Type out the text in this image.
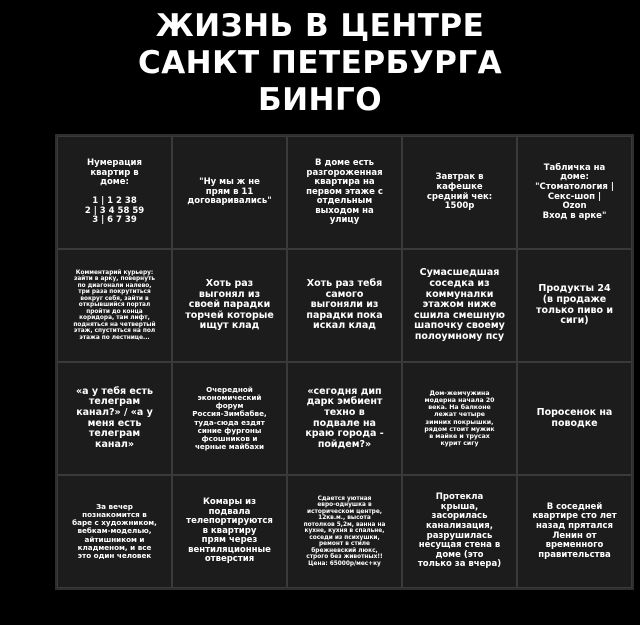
ЖИЗНЬ В ЦЕНТРЕ
САНКТ ПЕТЕРБУРГА
БИНГО
Нумерация
квартир в
доме:

1 | 1 2 38
2 | 3 4 58 59
3 | 6 7 39
"Ну мы ж не
прям в 11
договаривались"
В доме есть
разгороженная
квартира на
первом этаже с
отдельным
выходом на
улицу
Завтрак в
кафешке
средний чек:
1500р
Табличка на
доме:
"Стоматология |
Секс-шоп |
Ozon
Вход в арке"
Комментарий курьеру:
зайти в арку, повернуть
по диагонали налево,
три раза покрутиться
вокруг себя, зайти в
открывшийся портал
пройти до конца
коридора, там лифт,
подняться на четвертый
этаж, спуститься на пол
этажа по лестнице...
Хоть раз
выгонял из
своей парадки
торчей которые
ищут клад
Хоть раз тебя
самого
выгоняли из
парадки пока
искал клад
Сумасшедшая
соседка из
коммуналки
этажом ниже
сшила смешную
шапочку своему
полоумному псу
Продукты 24
(в продаже
только пиво и
сиги)
«а у тебя есть
телеграм
канал?» / «а у
меня есть
телеграм
канал»
Очередной
экономический
форум
Россия-Зимбабве,
туда-сюда ездят
синие фургоны
фсошников и
черные майбахи
«сегодня дип
дарк эмбиент
техно в
подвале на
краю города -
пойдем?»
Дом-жемчужина
модерна начала 20
века. На балконе
лежат четыре
зимних покрышки,
рядом стоит мужик
в майке и трусах
курит сигу
Поросенок на
поводке
За вечер
познакомится в
баре с художником,
вебкам-моделью,
айтишником и
кладменом, и все
это один человек
Комары из
подвала
телепортируются
в квартиру
прям через
вентиляционные
отверстия
Сдается уютная
евро-однушка в
историческом центре,
12кв.м., высота
потолков 5,2м, ванна на
кухне, кухня в спальне,
соседи из психушки,
ремонт в стиле
брежневский люкс,
строго без животных!!
Цена: 65000р/мес+ку
Протекла
крыша,
засорилась
канализация,
разрушилась
несущая стена в
доме (это
только за вчера)
В соседней
квартире сто лет
назад прятался
Ленин от
временного
правительства
